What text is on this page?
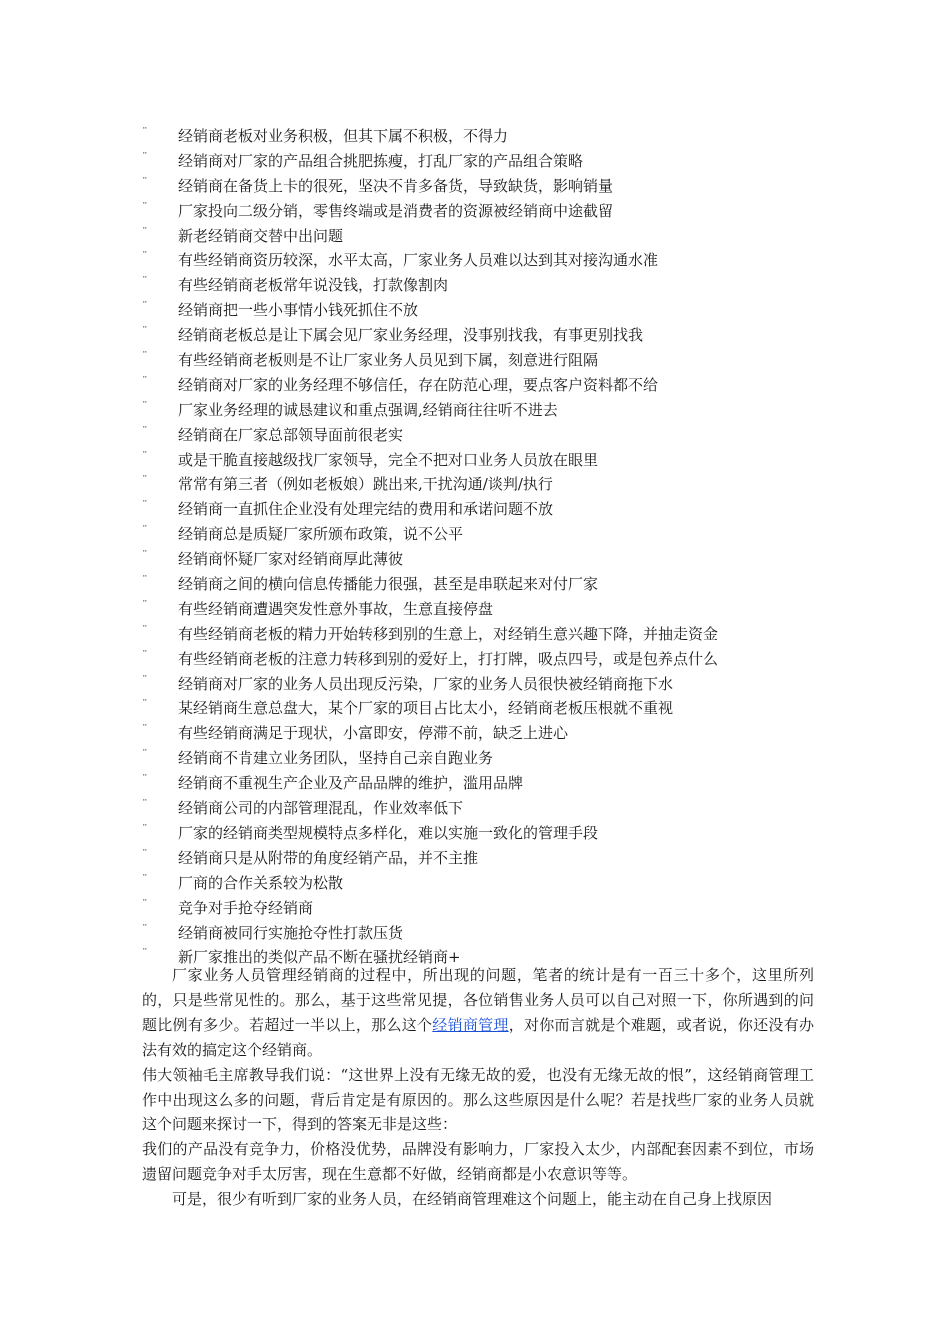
¨ 经销商老板对业务积极，但其下属不积极，不得力
¨ 经销商对厂家的产品组合挑肥拣瘦，打乱厂家的产品组合策略
¨ 经销商在备货上卡的很死，坚决不肯多备货，导致缺货，影响销量
¨ 厂家投向二级分销，零售终端或是消费者的资源被经销商中途截留
¨ 新老经销商交替中出问题
¨ 有些经销商资历较深，水平太高，厂家业务人员难以达到其对接沟通水准
¨ 有些经销商老板常年说没钱，打款像割肉
¨ 经销商把一些小事情小钱死抓住不放
¨ 经销商老板总是让下属会见厂家业务经理，没事别找我，有事更别找我
¨ 有些经销商老板则是不让厂家业务人员见到下属，刻意进行阻隔
¨ 经销商对厂家的业务经理不够信任，存在防范心理，要点客户资料都不给
¨ 厂家业务经理的诚恳建议和重点强调,经销商往往听不进去
¨ 经销商在厂家总部领导面前很老实
¨ 或是干脆直接越级找厂家领导，完全不把对口业务人员放在眼里
¨ 常常有第三者（例如老板娘）跳出来,干扰沟通/谈判/执行
¨ 经销商一直抓住企业没有处理完结的费用和承诺问题不放
¨ 经销商总是质疑厂家所颁布政策，说不公平
¨ 经销商怀疑厂家对经销商厚此薄彼
¨ 经销商之间的横向信息传播能力很强，甚至是串联起来对付厂家
¨ 有些经销商遭遇突发性意外事故，生意直接停盘
¨ 有些经销商老板的精力开始转移到别的生意上，对经销生意兴趣下降，并抽走资金
¨ 有些经销商老板的注意力转移到别的爱好上，打打牌，吸点四号，或是包养点什么
¨ 经销商对厂家的业务人员出现反污染，厂家的业务人员很快被经销商拖下水
¨ 某经销商生意总盘大，某个厂家的项目占比太小，经销商老板压根就不重视
¨ 有些经销商满足于现状，小富即安，停滞不前，缺乏上进心
¨ 经销商不肯建立业务团队，坚持自己亲自跑业务
¨ 经销商不重视生产企业及产品品牌的维护，滥用品牌
¨ 经销商公司的内部管理混乱，作业效率低下
¨ 厂家的经销商类型规模特点多样化，难以实施一致化的管理手段
¨ 经销商只是从附带的角度经销产品，并不主推
¨ 厂商的合作关系较为松散
¨ 竞争对手抢夺经销商
¨ 经销商被同行实施抢夺性打款压货
¨ 新厂家推出的类似产品不断在骚扰经销商+

厂家业务人员管理经销商的过程中，所出现的问题，笔者的统计是有一百三十多个，这里所列的，只是些常见性的。那么，基于这些常见提，各位销售业务人员可以自己对照一下，你所遇到的问题比例有多少。若超过一半以上，那么这个经销商管理，对你而言就是个难题，或者说，你还没有办法有效的搞定这个经销商。

伟大领袖毛主席教导我们说：“这世界上没有无缘无故的爱，也没有无缘无故的恨”，这经销商管理工作中出现这么多的问题，背后肯定是有原因的。那么这些原因是什么呢？若是找些厂家的业务人员就这个问题来探讨一下，得到的答案无非是这些：

我们的产品没有竞争力，价格没优势，品牌没有影响力，厂家投入太少，内部配套因素不到位，市场遗留问题竞争对手太厉害，现在生意都不好做，经销商都是小农意识等等。

可是，很少有听到厂家的业务人员，在经销商管理难这个问题上，能主动在自己身上找原因
